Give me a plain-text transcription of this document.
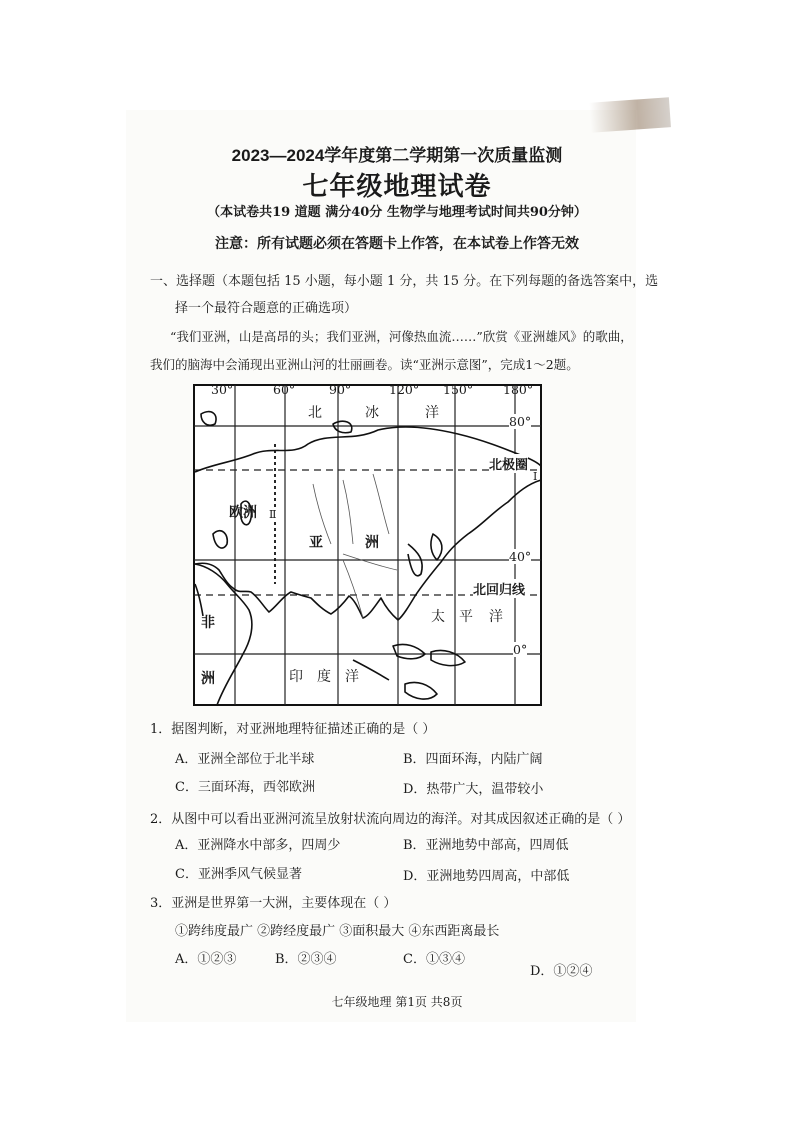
2023—2024学年度第二学期第一次质量监测
七年级地理试卷
（本试卷共19 道题 满分40分 生物学与地理考试时间共90分钟）
注意：所有试题必须在答题卡上作答，在本试卷上作答无效
一、选择题（本题包括 15 小题，每小题 1 分，共 15 分。在下列每题的备选答案中，选
择一个最符合题意的正确选项）
“我们亚洲，山是高昂的头；我们亚洲，河像热血流……”欣赏《亚洲雄风》的歌曲，
我们的脑海中会涌现出亚洲山河的壮丽画卷。读“亚洲示意图”，完成1～2题。
30°	60°	90°	120° 150° 180°
80°
40°
0°
北极圈
北回归线
北	冰	洋
欧洲
亚	洲
太 平 洋
非
洲	印 度 洋
Ⅰ
Ⅱ
1．据图判断，对亚洲地理特征描述正确的是（ ）
A．亚洲全部位于北半球	B．四面环海，内陆广阔
C．三面环海，西邻欧洲	D．热带广大，温带较小
2．从图中可以看出亚洲河流呈放射状流向周边的海洋。对其成因叙述正确的是（ ）
A．亚洲降水中部多，四周少	B．亚洲地势中部高，四周低
C．亚洲季风气候显著	D．亚洲地势四周高，中部低
3．亚洲是世界第一大洲，主要体现在（ ）
①跨纬度最广 ②跨经度最广 ③面积最大 ④东西距离最长
A．①②③	B．②③④	C．①③④
D．①②④
七年级地理 第1页 共8页
